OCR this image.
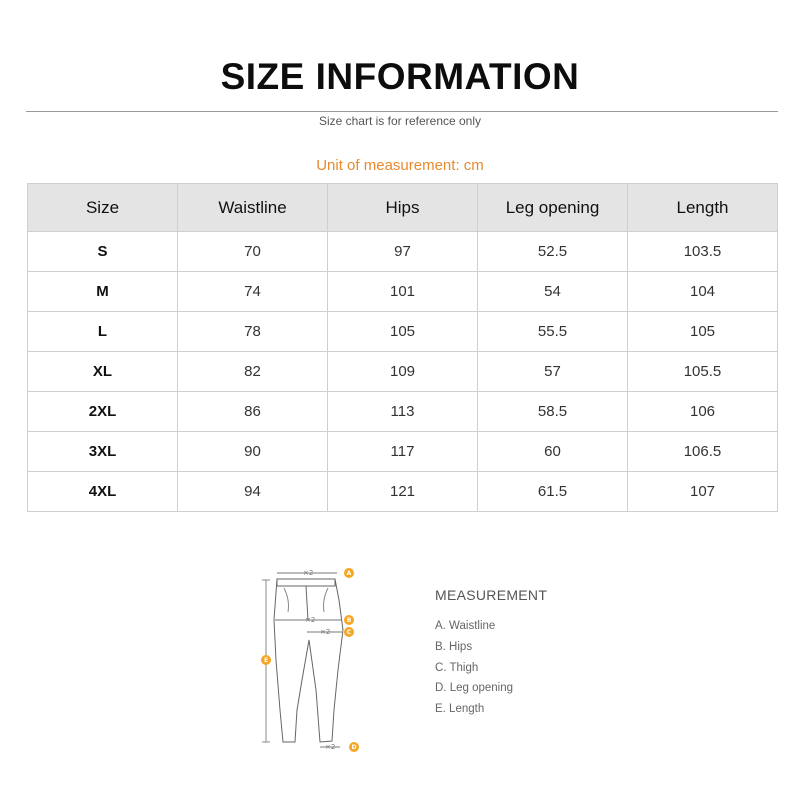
SIZE INFORMATION
Size chart is for reference only
Unit of measurement: cm
Size	Waistline	Hips	Leg opening	Length
S	70	97	52.5	103.5
M	74	101	54	104
L	78	105	55.5	105
XL	82	109	57	105.5
2XL	86	113	58.5	106
3XL	90	117	60	106.5
4XL	94	121	61.5	107
×2
×2
×2
×2
A
B
C
D
E
MEASUREMENT
A. Waistline
B. Hips
C. Thigh
D. Leg opening
E. Length
